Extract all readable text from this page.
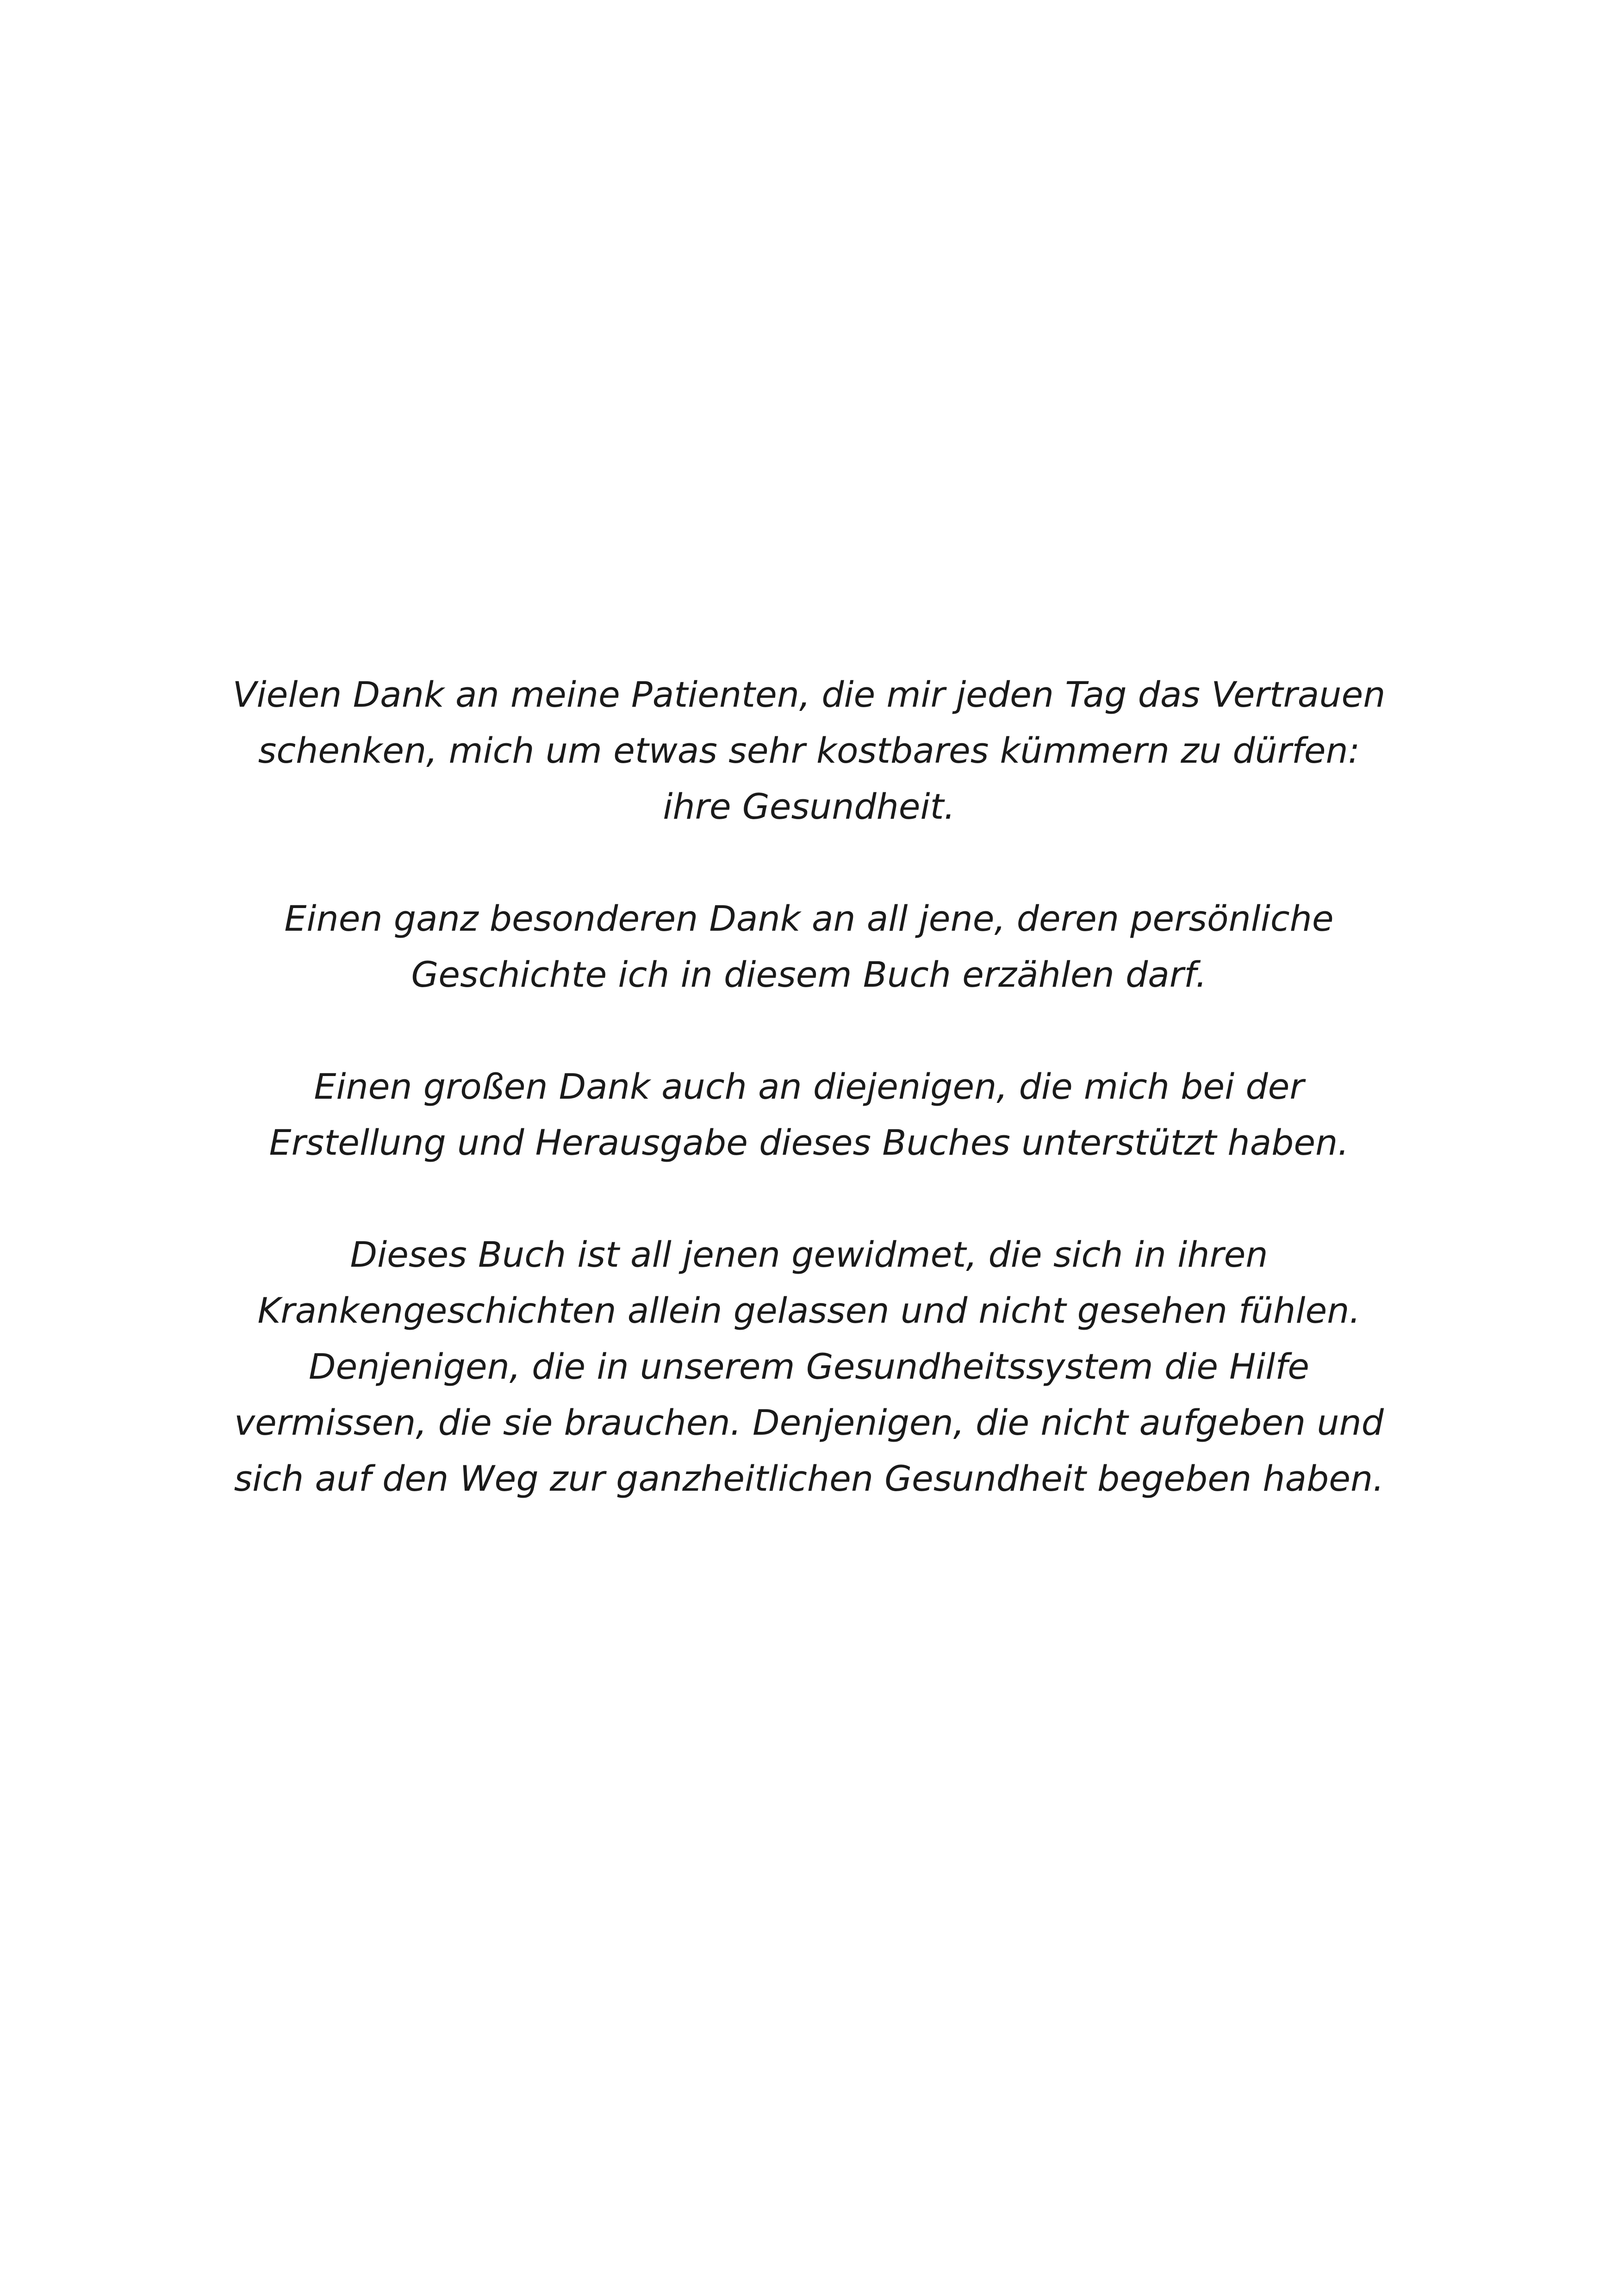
Vielen Dank an meine Patienten, die mir jeden Tag das Vertrauen
schenken, mich um etwas sehr kostbares kümmern zu dürfen:
ihre Gesundheit.

Einen ganz besonderen Dank an all jene, deren persönliche
Geschichte ich in diesem Buch erzählen darf.

Einen großen Dank auch an diejenigen, die mich bei der
Erstellung und Herausgabe dieses Buches unterstützt haben.

Dieses Buch ist all jenen gewidmet, die sich in ihren
Krankengeschichten allein gelassen und nicht gesehen fühlen.
Denjenigen, die in unserem Gesundheitssystem die Hilfe
vermissen, die sie brauchen. Denjenigen, die nicht aufgeben und
sich auf den Weg zur ganzheitlichen Gesundheit begeben haben.
